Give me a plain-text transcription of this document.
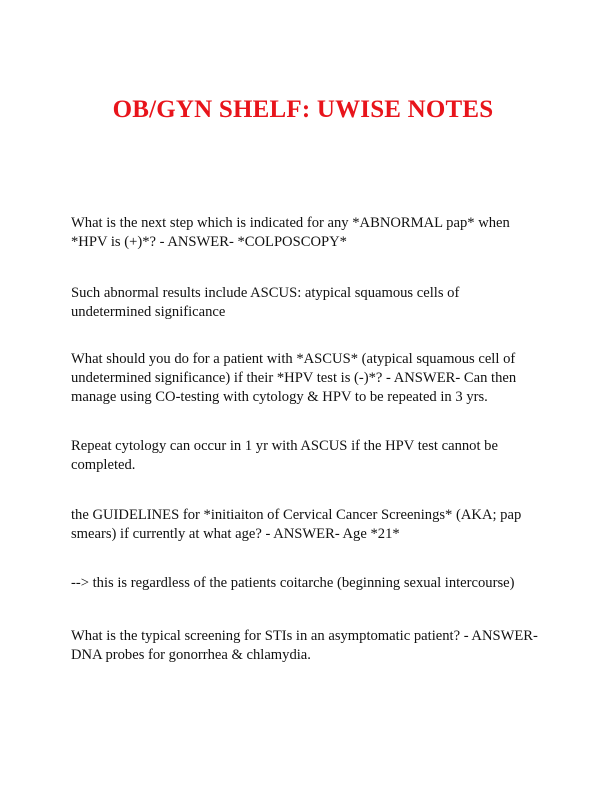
OB/GYN SHELF: UWISE NOTES

What is the next step which is indicated for any *ABNORMAL pap* when *HPV is (+)*? - ANSWER- *COLPOSCOPY*

Such abnormal results include ASCUS: atypical squamous cells of undetermined significance

What should you do for a patient with *ASCUS* (atypical squamous cell of undetermined significance) if their *HPV test is (-)*? - ANSWER- Can then manage using CO-testing with cytology & HPV to be repeated in 3 yrs.

Repeat cytology can occur in 1 yr with ASCUS if the HPV test cannot be completed.

the GUIDELINES for *initiaiton of Cervical Cancer Screenings* (AKA; pap smears) if currently at what age? - ANSWER- Age *21*

--> this is regardless of the patients coitarche (beginning sexual intercourse)

What is the typical screening for STIs in an asymptomatic patient? - ANSWER- DNA probes for gonorrhea & chlamydia.
